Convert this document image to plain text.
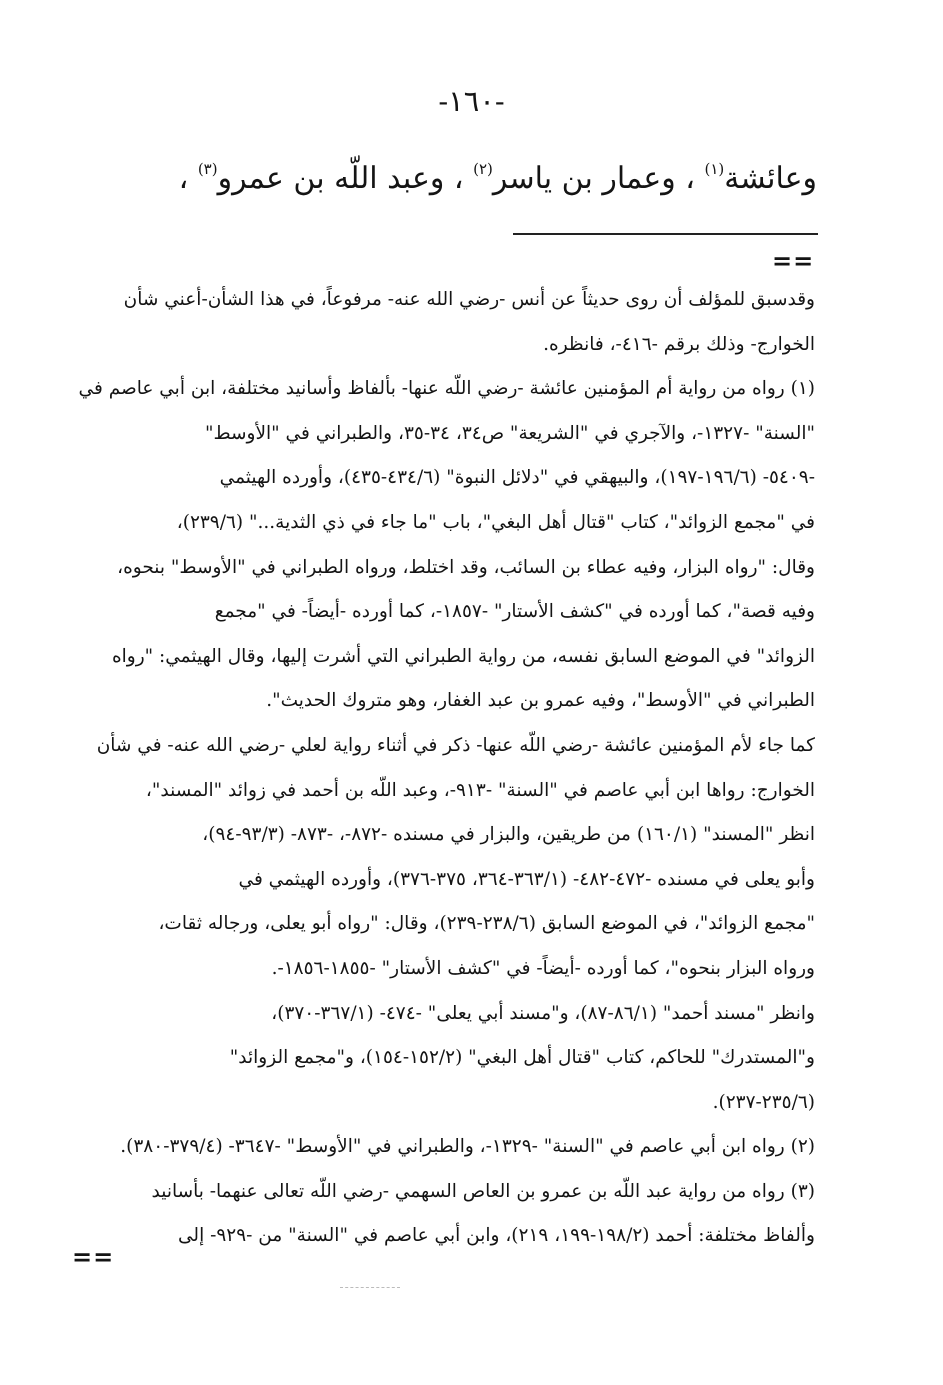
-١٦٠-
وعائشة$^{(١)}$ ، وعمار بن ياسر$^{(٢)}$ ، وعبد اللّه بن عمرو$^{(٣)}$ ،
==
وقدسبق للمؤلف أن روى حديثاً عن أنس -رضي الله عنه- مرفوعاً، في هذا الشأن-أعني شأن
الخوارج- وذلك برقم -٤١٦-، فانظره.
(١) رواه من رواية أم المؤمنين عائشة -رضي اللّه عنها- بألفاظ وأسانيد مختلفة، ابن أبي عاصم في
"السنة" -١٣٢٧-، والآجري في "الشريعة" ص٣٤، ٣٤-٣٥، والطبراني في "الأوسط"
-٥٤٠٩- (١٩٦/٦-١٩٧)، والبيهقي في "دلائل النبوة" (٤٣٤/٦-٤٣٥)، وأورده الهيثمي
في "مجمع الزوائد"، كتاب "قتال أهل البغي"، باب "ما جاء في ذي الثدية..." (٢٣٩/٦)،
وقال: "رواه البزار، وفيه عطاء بن السائب، وقد اختلط، ورواه الطبراني في "الأوسط" بنحوه،
وفيه قصة"، كما أورده في "كشف الأستار" -١٨٥٧-، كما أورده -أيضاً- في "مجمع
الزوائد" في الموضع السابق نفسه، من رواية الطبراني التي أشرت إليها، وقال الهيثمي: "رواه
الطبراني في "الأوسط"، وفيه عمرو بن عبد الغفار، وهو متروك الحديث".
كما جاء لأم المؤمنين عائشة -رضي اللّه عنها- ذكر في أثناء رواية لعلي -رضي الله عنه- في شأن
الخوارج: رواها ابن أبي عاصم في "السنة" -٩١٣-، وعبد اللّه بن أحمد في زوائد "المسند"،
انظر "المسند" (١٦٠/١) من طريقين، والبزار في مسنده -٨٧٢-، -٨٧٣- (٩٣/٣-٩٤)،
وأبو يعلى في مسنده -٤٧٢-٤٨٢- (٣٦٣/١-٣٦٤، ٣٧٥-٣٧٦)، وأورده الهيثمي في
"مجمع الزوائد"، في الموضع السابق (٢٣٨/٦-٢٣٩)، وقال: "رواه أبو يعلى، ورجاله ثقات،
ورواه البزار بنحوه"، كما أورده -أيضاً- في "كشف الأستار" -١٨٥٥-١٨٥٦-.
وانظر "مسند أحمد" (٨٦/١-٨٧)، و"مسند أبي يعلى" -٤٧٤- (٣٦٧/١-٣٧٠)،
و"المستدرك" للحاكم، كتاب "قتال أهل البغي" (١٥٢/٢-١٥٤)، و"مجمع الزوائد"
(٢٣٥/٦-٢٣٧).
(٢) رواه ابن أبي عاصم في "السنة" -١٣٢٩-، والطبراني في "الأوسط" -٣٦٤٧- (٣٧٩/٤-٣٨٠).
(٣) رواه من رواية عبد اللّه بن عمرو بن العاص السهمي -رضي اللّه تعالى عنهما- بأسانيد
وألفاظ مختلفة: أحمد (١٩٨/٢-١٩٩، ٢١٩)، وابن أبي عاصم في "السنة" من -٩٢٩- إلى
==
